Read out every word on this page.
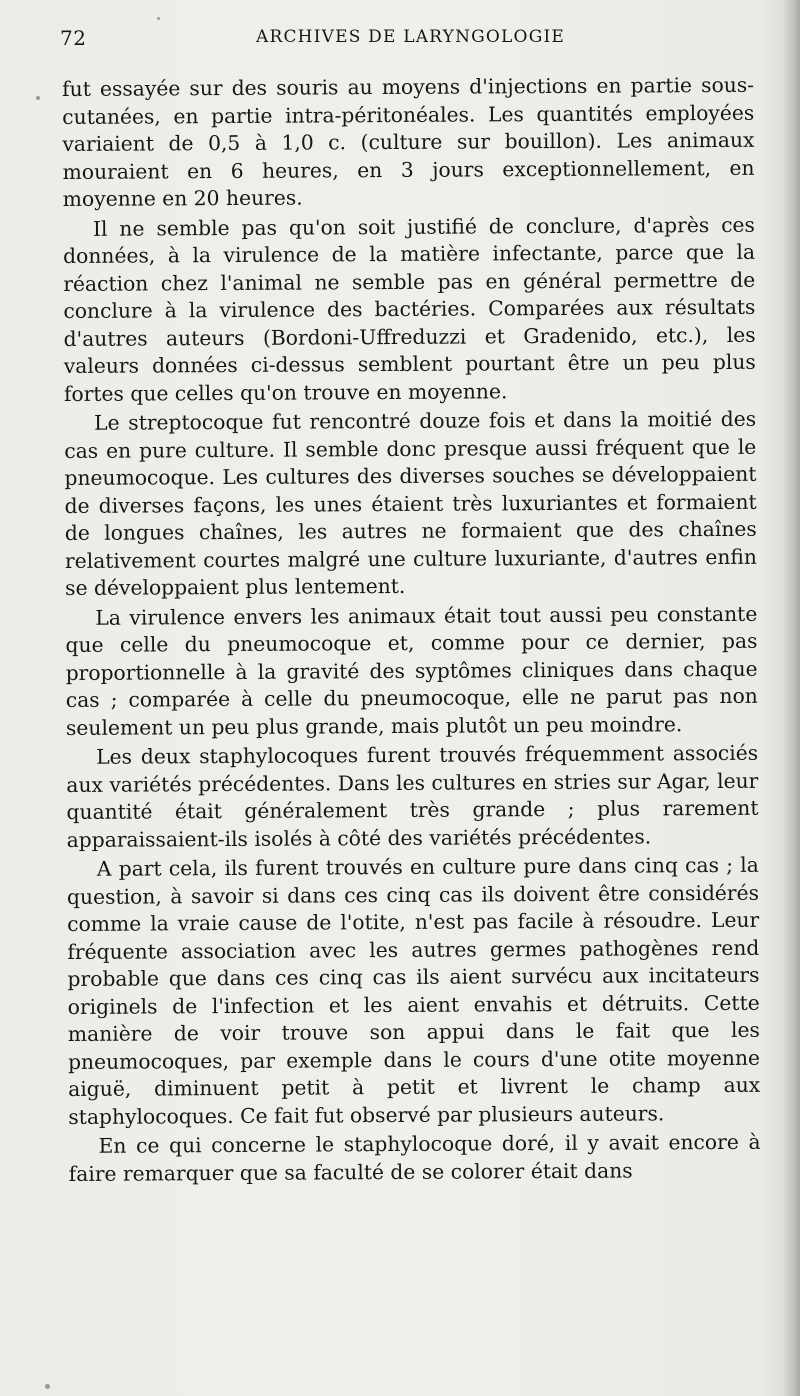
72	ARCHIVES DE LARYNGOLOGIE

fut essayée sur des souris au moyens d'injections en partie sous-cutanées, en partie intra-péritonéales. Les quantités employées variaient de 0,5 à 1,0 c. (culture sur bouillon). Les animaux mouraient en 6 heures, en 3 jours exceptionnellement, en moyenne en 20 heures.

Il ne semble pas qu'on soit justifié de conclure, d'après ces données, à la virulence de la matière infectante, parce que la réaction chez l'animal ne semble pas en général permettre de conclure à la virulence des bactéries. Comparées aux résultats d'autres auteurs (Bordoni-Uffreduzzi et Gradenido, etc.), les valeurs données ci-dessus semblent pourtant être un peu plus fortes que celles qu'on trouve en moyenne.

Le streptocoque fut rencontré douze fois et dans la moitié des cas en pure culture. Il semble donc presque aussi fréquent que le pneumocoque. Les cultures des diverses souches se développaient de diverses façons, les unes étaient très luxuriantes et formaient de longues chaînes, les autres ne formaient que des chaînes relativement courtes malgré une culture luxuriante, d'autres enfin se développaient plus lentement.

La virulence envers les animaux était tout aussi peu constante que celle du pneumocoque et, comme pour ce dernier, pas proportionnelle à la gravité des syptômes cliniques dans chaque cas ; comparée à celle du pneumocoque, elle ne parut pas non seulement un peu plus grande, mais plutôt un peu moindre.

Les deux staphylocoques furent trouvés fréquemment associés aux variétés précédentes. Dans les cultures en stries sur Agar, leur quantité était généralement très grande ; plus rarement apparaissaient-ils isolés à côté des variétés précédentes.

A part cela, ils furent trouvés en culture pure dans cinq cas ; la question, à savoir si dans ces cinq cas ils doivent être considérés comme la vraie cause de l'otite, n'est pas facile à résoudre. Leur fréquente association avec les autres germes pathogènes rend probable que dans ces cinq cas ils aient survécu aux incitateurs originels de l'infection et les aient envahis et détruits. Cette manière de voir trouve son appui dans le fait que les pneumocoques, par exemple dans le cours d'une otite moyenne aiguë, diminuent petit à petit et livrent le champ aux staphylocoques. Ce fait fut observé par plusieurs auteurs.

En ce qui concerne le staphylocoque doré, il y avait encore à faire remarquer que sa faculté de se colorer était dans
